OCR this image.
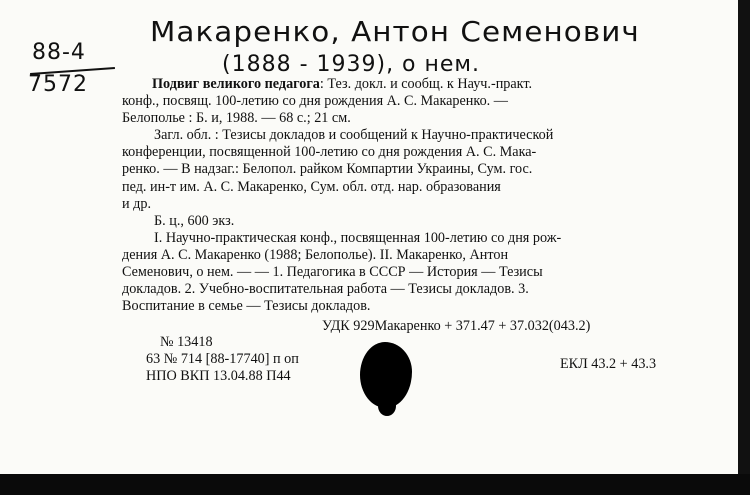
Макаренко, Антон Семенович
(1888 - 1939), о нем.
88-4
7572	Подвиг великого педагога: Тез. докл. и сообщ. к Науч.-практ.
конф., посвящ. 100-летию со дня рождения А. С. Макаренко. —
Белополье : Б. и, 1988. — 68 с.; 21 см.
Загл. обл. : Тезисы докладов и сообщений к Научно-практической
конференции, посвященной 100-летию со дня рождения А. С. Мака-
ренко. — В надзаг.: Белопол. райком Компартии Украины, Сум. гос.
пед. ин-т им. А. С. Макаренко, Сум. обл. отд. нар. образования
и др.
Б. ц., 600 экз.
I. Научно-практическая конф., посвященная 100-летию со дня рож-
дения А. С. Макаренко (1988; Белополье). II. Макаренко, Антон
Семенович, о нем. — — 1. Педагогика в СССР — История — Тезисы
докладов. 2. Учебно-воспитательная работа — Тезисы докладов. 3.
Воспитание в семье — Тезисы докладов.
УДК 929Макаренко + 371.47 + 37.032(043.2)
№ 13418
63 № 714 [88-17740] п оп
НПО ВКП 13.04.88 П44
ЕКЛ 43.2 + 43.3
